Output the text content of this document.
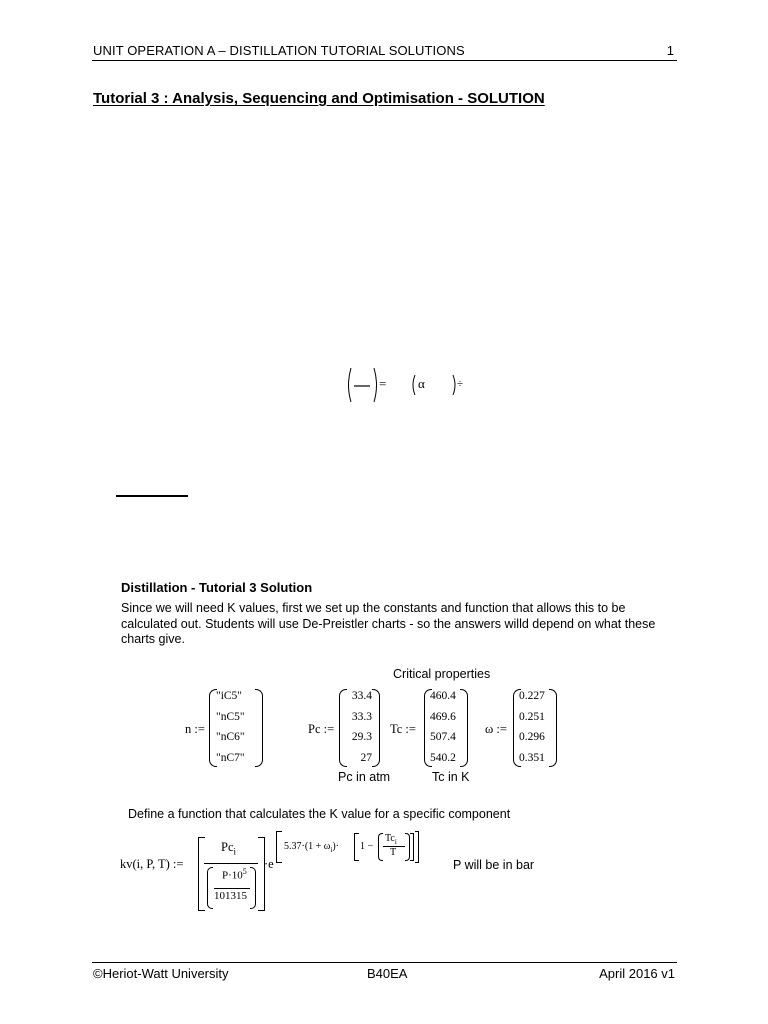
UNIT OPERATION A – DISTILLATION TUTORIAL SOLUTIONS	1
Tutorial 3 : Analysis, Sequencing and Optimisation - SOLUTION
= α	÷
Distillation - Tutorial 3 Solution
Since we will need K values, first we set up the constants and function that allows this to be calculated out. Students will use De-Preistler charts - so the answers willd depend on what these charts give.
Critical properties
n :=
"iC5"
"nC5"
"nC6"
"nC7"
Pc :=
33.4
33.3
29.3
27
Pc in atm
Tc :=
460.4
469.6
507.4
540.2
Tc in K
ω :=
0.227
0.251
0.296
0.351
Define a function that calculates the K value for a specific component
kv(i, P, T) :=
$Pc_i$
$P\cdot 10^5$
101315
·e
$5.37\cdot(1 + \omega_i)\cdot 1$ −
$Tc_i$
T
P will be in bar
©Heriot-Watt University	B40EA	April 2016 v1
